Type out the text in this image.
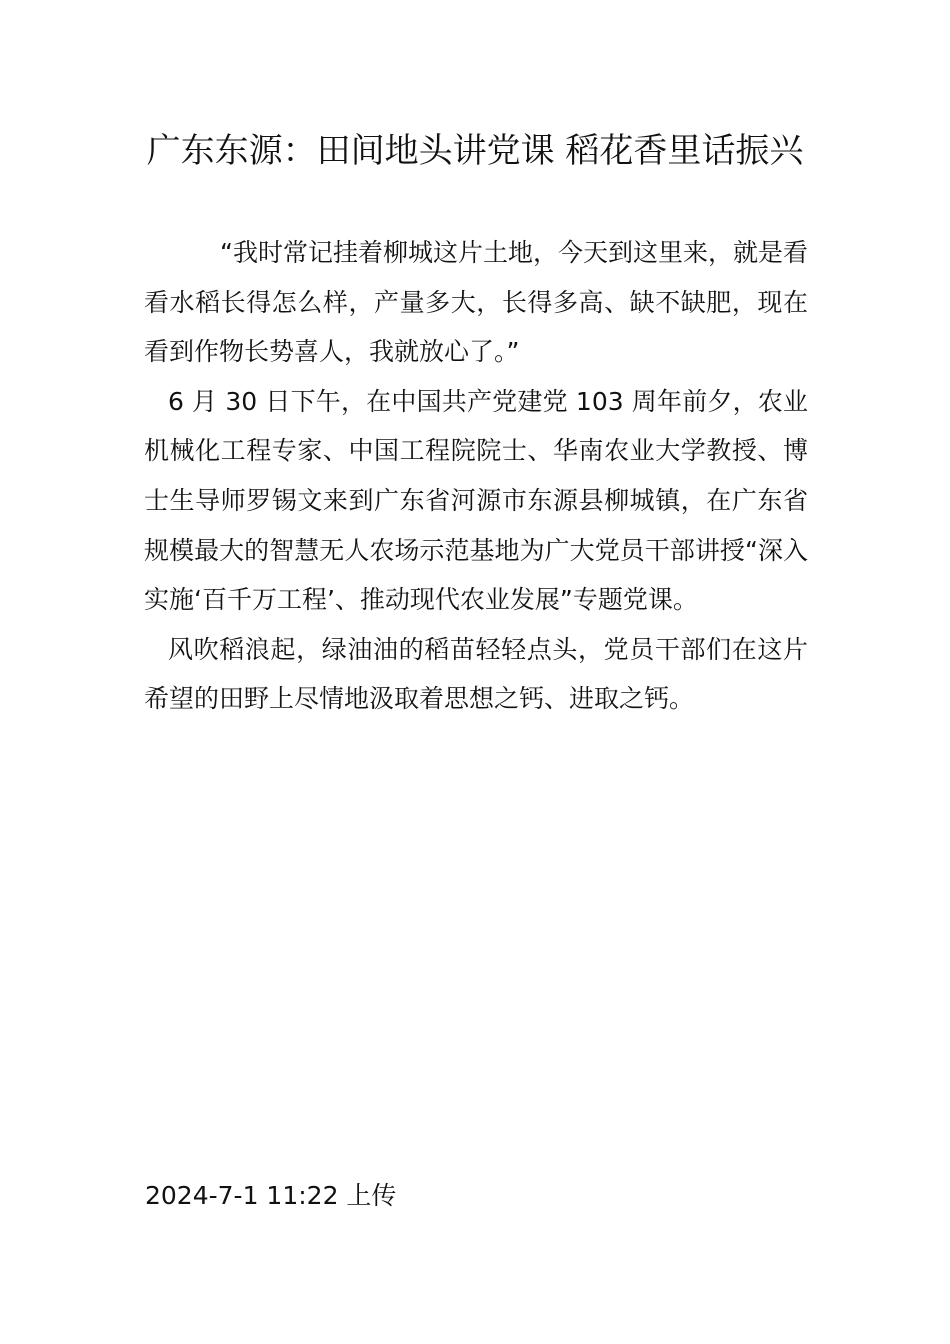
广东东源：田间地头讲党课 稻花香里话振兴

“我时常记挂着柳城这片土地，今天到这里来，就是看看水稻长得怎么样，产量多大，长得多高、缺不缺肥，现在看到作物长势喜人，我就放心了。”

6 月 30 日下午，在中国共产党建党 103 周年前夕，农业机械化工程专家、中国工程院院士、华南农业大学教授、博士生导师罗锡文来到广东省河源市东源县柳城镇，在广东省规模最大的智慧无人农场示范基地为广大党员干部讲授“深入实施‘百千万工程’、推动现代农业发展”专题党课。

风吹稻浪起，绿油油的稻苗轻轻点头，党员干部们在这片希望的田野上尽情地汲取着思想之钙、进取之钙。

2024-7-1 11:22 上传
